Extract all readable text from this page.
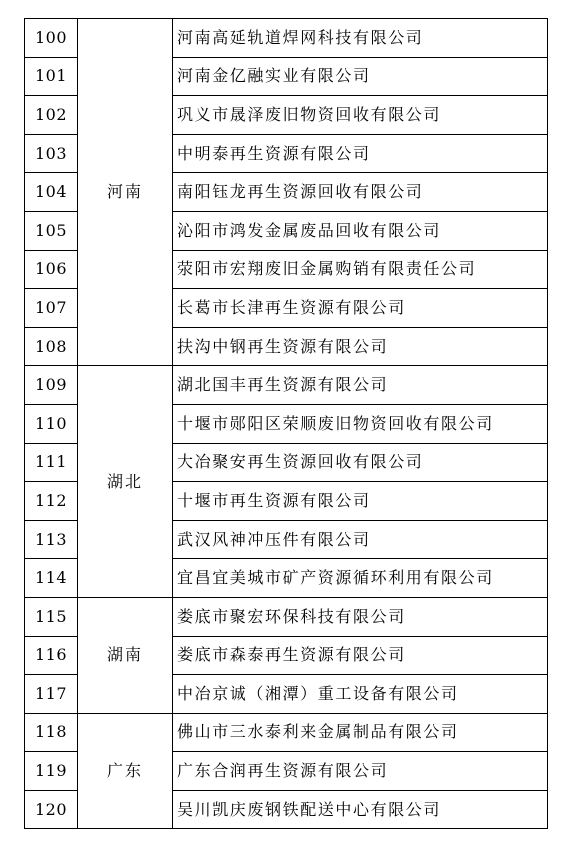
100	河南	河南高延轨道焊网科技有限公司
101		河南金亿融实业有限公司
102		巩义市晟泽废旧物资回收有限公司
103		中明泰再生资源有限公司
104		南阳钰龙再生资源回收有限公司
105		沁阳市鸿发金属废品回收有限公司
106		荥阳市宏翔废旧金属购销有限责任公司
107		长葛市长津再生资源有限公司
108		扶沟中钢再生资源有限公司
109	湖北	湖北国丰再生资源有限公司
110		十堰市郧阳区荣顺废旧物资回收有限公司
111		大冶聚安再生资源回收有限公司
112		十堰市再生资源有限公司
113		武汉风神冲压件有限公司
114		宜昌宜美城市矿产资源循环利用有限公司
115	湖南	娄底市聚宏环保科技有限公司
116		娄底市森泰再生资源有限公司
117		中冶京诚（湘潭）重工设备有限公司
118	广东	佛山市三水泰利来金属制品有限公司
119		广东合润再生资源有限公司
120		吴川凯庆废钢铁配送中心有限公司
